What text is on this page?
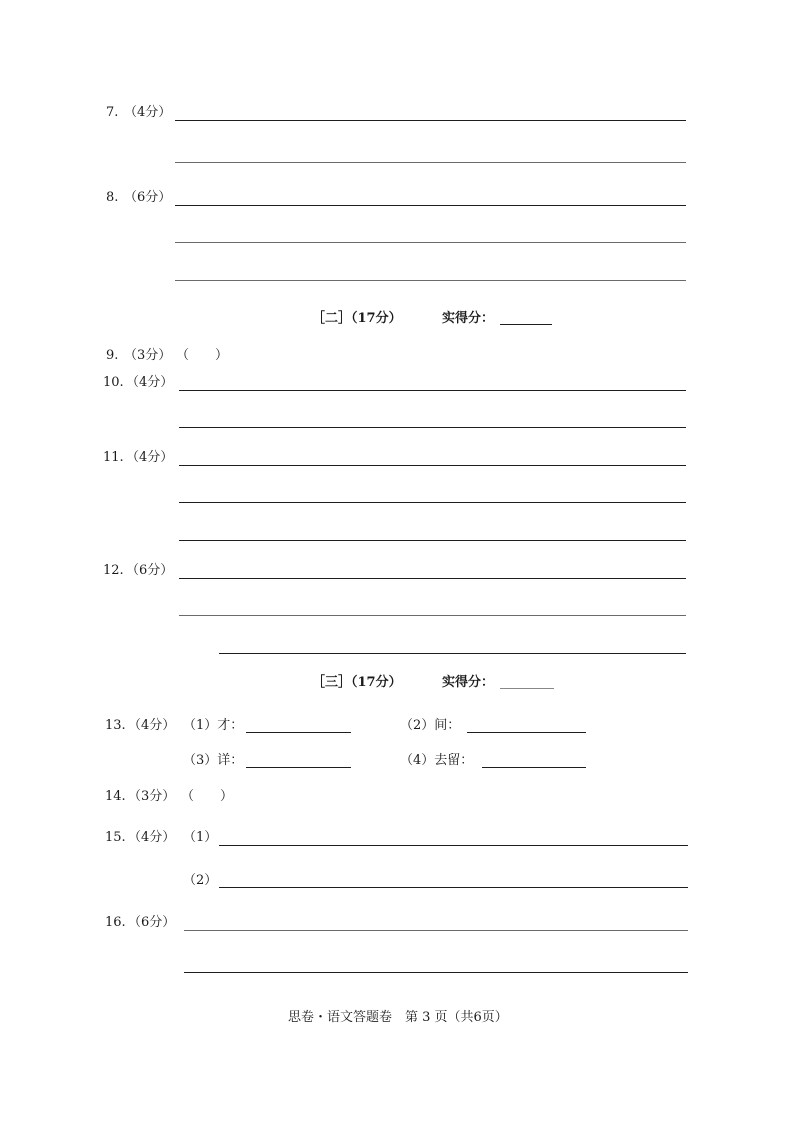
7. （4分）
8. （6分）
［二］（17分）	实得分：
9. （3分） （　　）
10. （4分）
11. （4分）
12. （6分）
［三］（17分）	实得分：
13. （4分） （1）才：	（2）间：
（3）详：	（4）去留：
14. （3分） （　　）
15. （4分） （1）
（2）
16. （6分）
思卷・语文答题卷　第 3 页（共6页）
